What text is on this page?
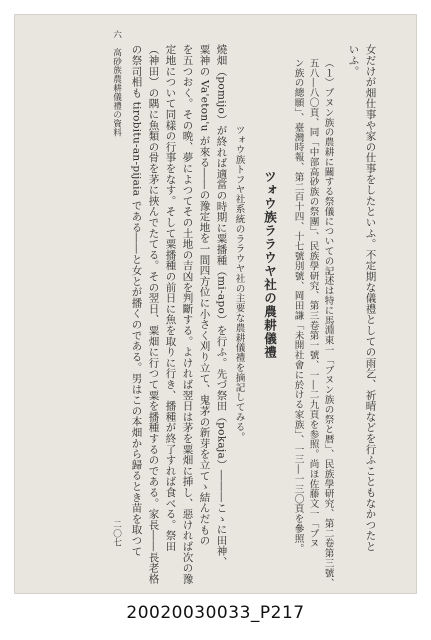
20020030033_P217
女だけが畑仕事や家の仕事をしたといふ。不定期な儀禮としての雨乞、祈晴などを行ふこともなかつたと
いふ。
（１）ブヌン族の農耕に關する祭儀についての記述は特に馬淵東一「ブヌン族の祭と暦」、民族學研究、第二卷第三號、
五八―八〇頁、同「中部高砂族の祭團」、民族學研究、第三卷第一號、一―二九頁を参照。尚ほ佐藤文一「ブヌ
ン族の總願」、臺灣時報、第二百十四、十七號別號、岡田謙「未開社會に於ける家族」、一三―一三〇頁を參照。
ツォウ族ララウヤ社の農耕儀禮
ツォウ族トフヤ社系統のララウヤ社の主要な農耕儀禮を摘記してみる。
燒畑（pomijo）が終れば適當の時期に粟播種（mi-apo）を行ふ。先づ祭田（pokaja）―――こゝに田神、
粟神の Va'eton'u が來る――の豫定地を一間四方位に小さく刈り立て、鬼茅の新芽を立てゝ結んだもの
を五つおく。その晩、夢によつてその土地の吉凶を判斷する。よければ翌日は茅を粟畑に挿し、惡ければ次の豫
定地について同樣の行事をなす。そして粟播種の前日に魚を取りに行き、播種が終了すれば食べる。祭田
（神田）の隅に魚類の骨を茅に挾んでたてる。その翌日、粟畑に行つて粟を播種するのである。家長――長老格
の祭司相も tirobitu-an-pijaia である――と女とが播くのである。男はこの本畑から歸るとき苗を取つて
六　高砂族農耕儀禮の資料
二〇七
